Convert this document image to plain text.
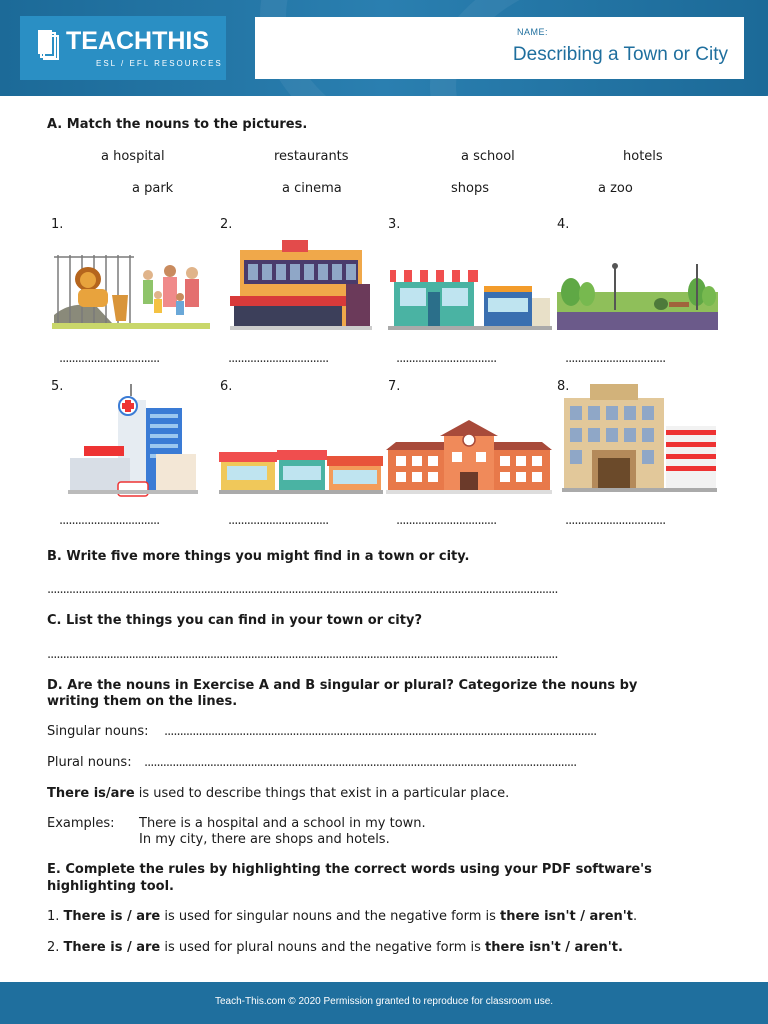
TEACHTHIS
ESL / EFL RESOURCES
NAME:
Describing a Town or City
A. Match the nouns to the pictures.
a hospital	restaurants	a school	hotels
a park	a cinema	shops	a zoo
1.	2.	3.	4.
5.	6.	7.	8.
................................	................................	................................	................................
................................	................................	................................	................................
B. Write five more things you might find in a town or city.
...................................................................................................................................................................
C. List the things you can find in your town or city?
...................................................................................................................................................................
D. Are the nouns in Exercise A and B singular or plural? Categorize the nouns by
writing them on the lines.
Singular nouns: ..........................................................................................................................................
Plural nouns: ..........................................................................................................................................
There is/are is used to describe things that exist in a particular place.
Examples: There is a hospital and a school in my town.
In my city, there are shops and hotels.
E. Complete the rules by highlighting the correct words using your PDF software's
highlighting tool.
1. There is / are is used for singular nouns and the negative form is there isn't / aren't.
2. There is / are is used for plural nouns and the negative form is there isn't / aren't.
Teach-This.com © 2020 Permission granted to reproduce for classroom use.
